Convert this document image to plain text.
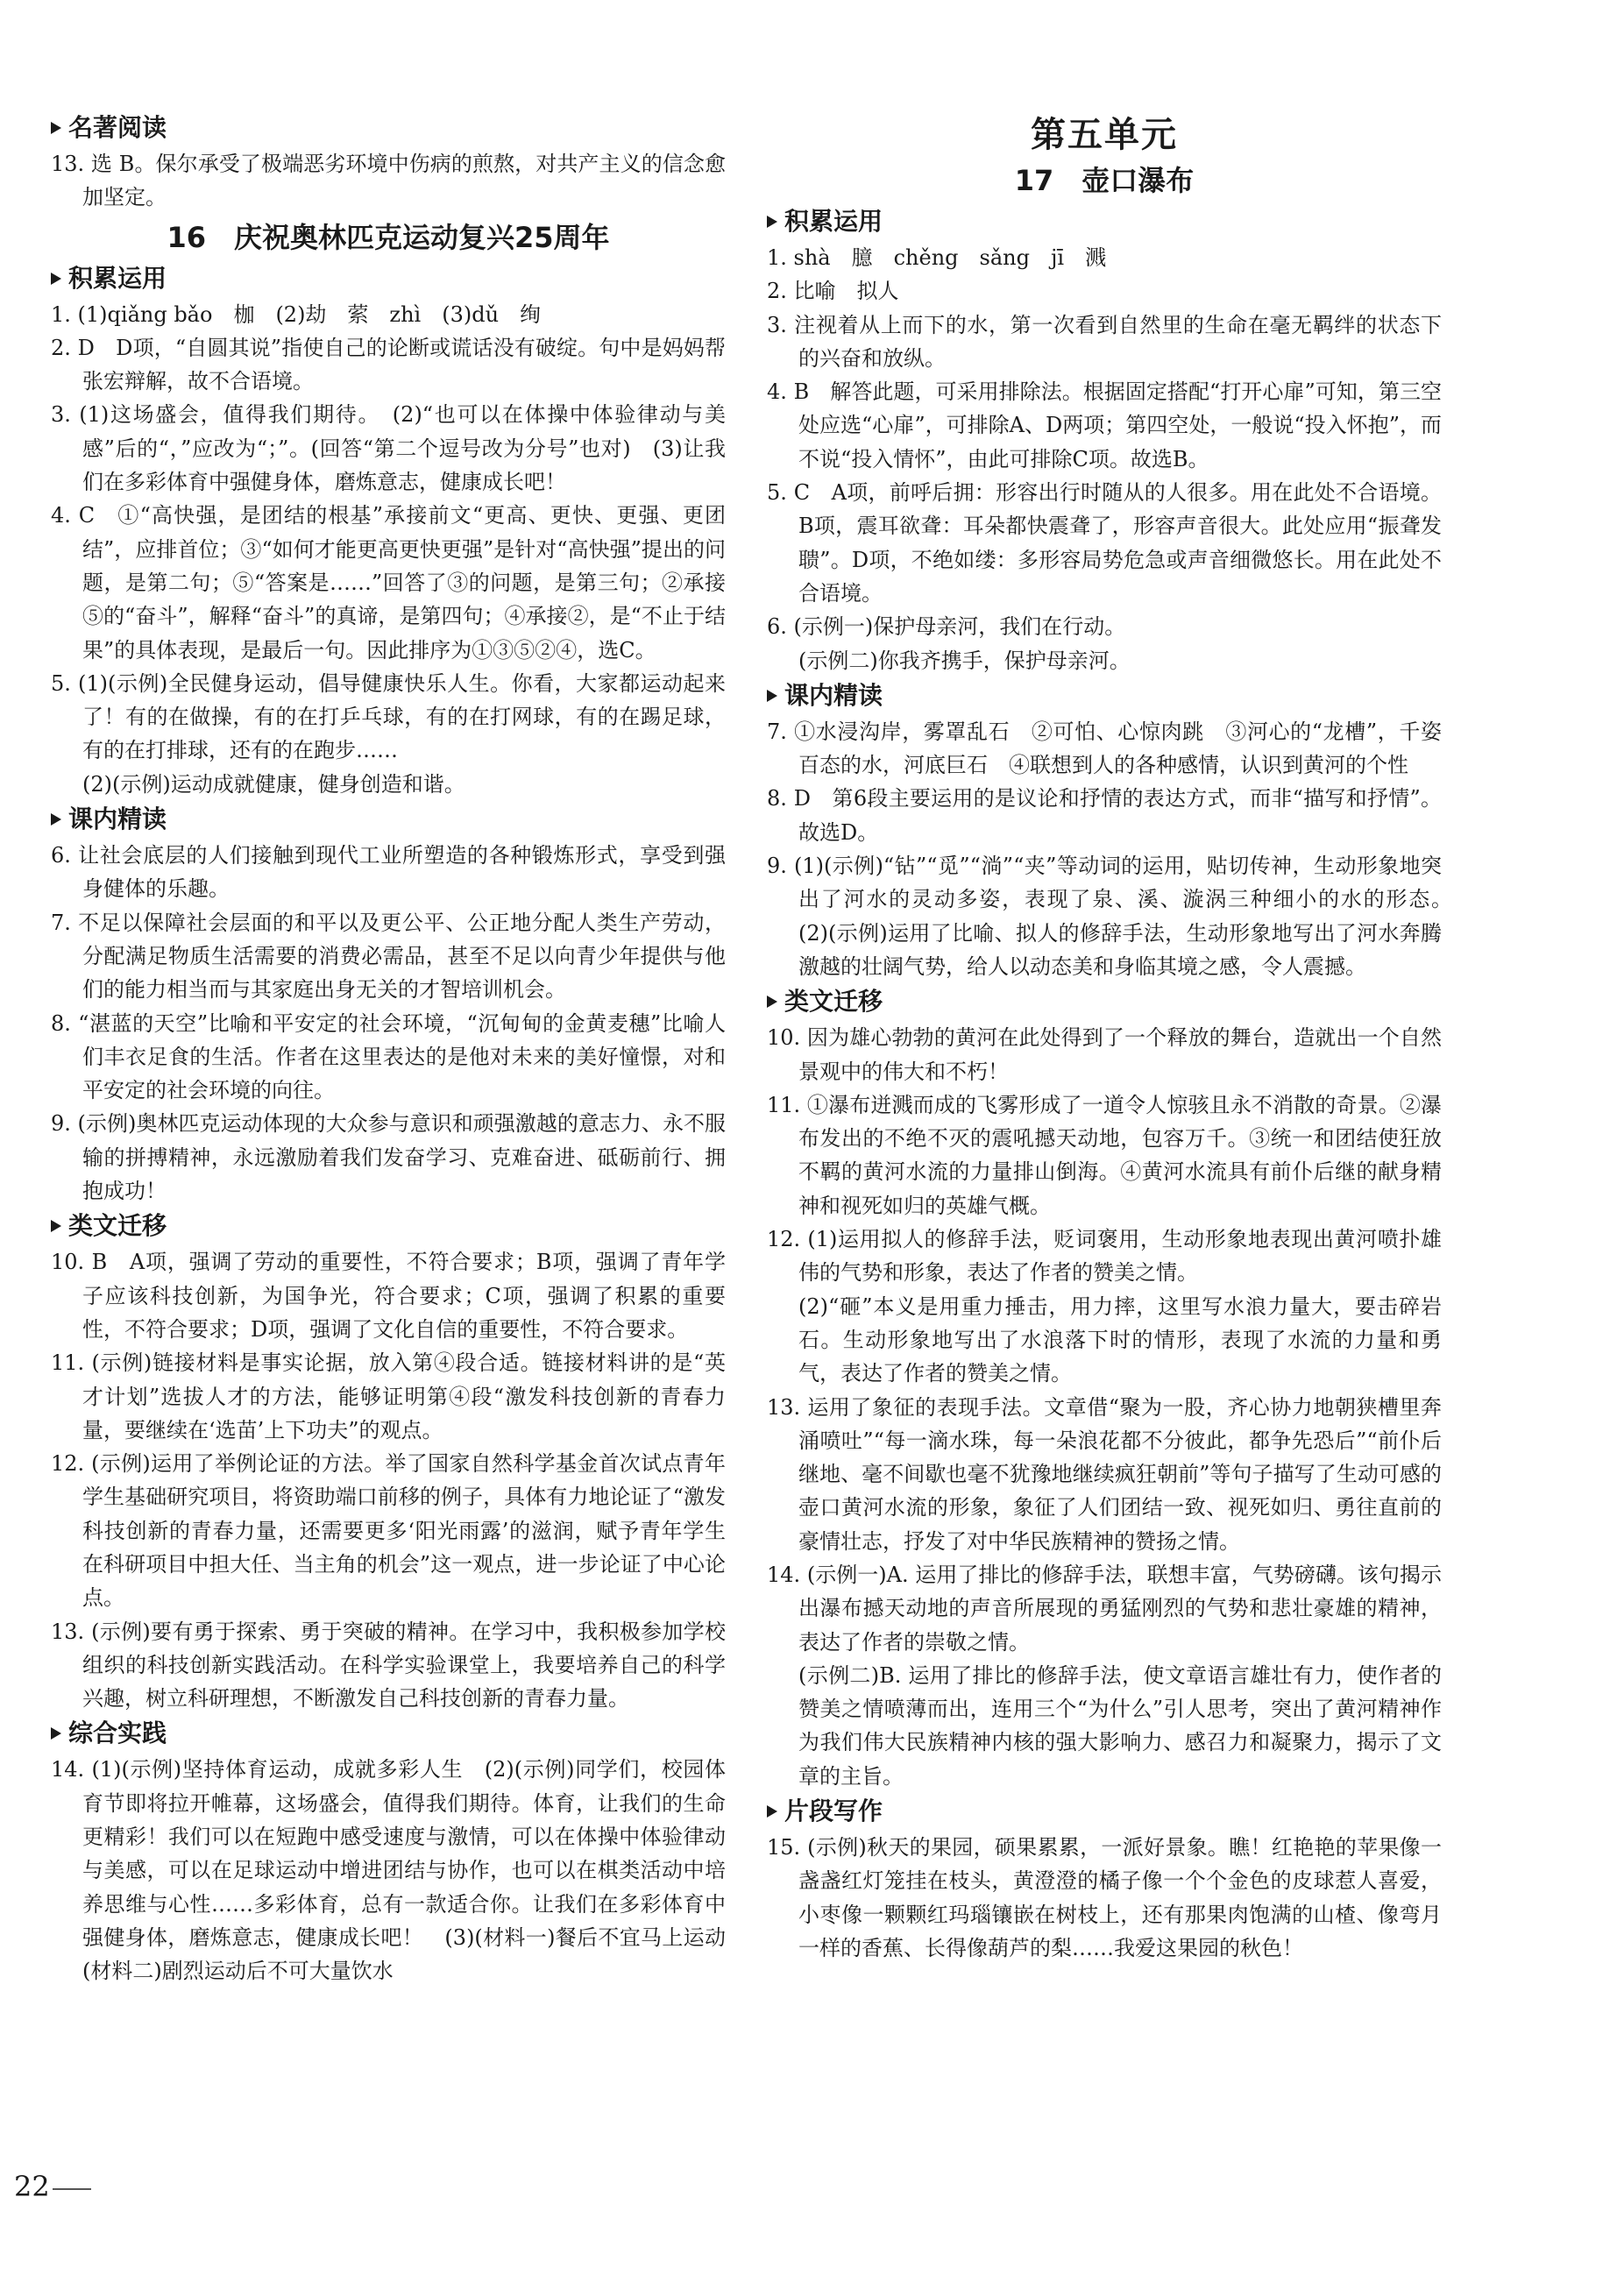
名著阅读

13. 选 B。保尔承受了极端恶劣环境中伤病的煎熬，对共产主义的信念愈加坚定。

16　庆祝奥林匹克运动复兴25周年
积累运用

1. (1)qiǎng bǎo　枷　(2)劫　萦　zhì　(3)dǔ　绚

2. D　D项，“自圆其说”指使自己的论断或谎话没有破绽。句中是妈妈帮张宏辩解，故不合语境。

3. (1)这场盛会，值得我们期待。　(2)“也可以在体操中体验律动与美感”后的“，”应改为“；”。(回答“第二个逗号改为分号”也对)　(3)让我们在多彩体育中强健身体，磨炼意志，健康成长吧！

4. C　①“高快强，是团结的根基”承接前文“更高、更快、更强、更团结”，应排首位；③“如何才能更高更快更强”是针对“高快强”提出的问题，是第二句；⑤“答案是……”回答了③的问题，是第三句；②承接⑤的“奋斗”，解释“奋斗”的真谛，是第四句；④承接②，是“不止于结果”的具体表现，是最后一句。因此排序为①③⑤②④，选C。

5. (1)(示例)全民健身运动，倡导健康快乐人生。你看，大家都运动起来了！有的在做操，有的在打乒乓球，有的在打网球，有的在踢足球，有的在打排球，还有的在跑步……

(2)(示例)运动成就健康，健身创造和谐。

课内精读

6. 让社会底层的人们接触到现代工业所塑造的各种锻炼形式，享受到强身健体的乐趣。

7. 不足以保障社会层面的和平以及更公平、公正地分配人类生产劳动，分配满足物质生活需要的消费必需品，甚至不足以向青少年提供与他们的能力相当而与其家庭出身无关的才智培训机会。

8. “湛蓝的天空”比喻和平安定的社会环境，“沉甸甸的金黄麦穗”比喻人们丰衣足食的生活。作者在这里表达的是他对未来的美好憧憬，对和平安定的社会环境的向往。

9. (示例)奥林匹克运动体现的大众参与意识和顽强激越的意志力、永不服输的拼搏精神，永远激励着我们发奋学习、克难奋进、砥砺前行、拥抱成功！

类文迁移

10. B　A项，强调了劳动的重要性，不符合要求；B项，强调了青年学子应该科技创新，为国争光，符合要求；C项，强调了积累的重要性，不符合要求；D项，强调了文化自信的重要性，不符合要求。

11. (示例)链接材料是事实论据，放入第④段合适。链接材料讲的是“英才计划”选拔人才的方法，能够证明第④段“激发科技创新的青春力量，要继续在‘选苗’上下功夫”的观点。

12. (示例)运用了举例论证的方法。举了国家自然科学基金首次试点青年学生基础研究项目，将资助端口前移的例子，具体有力地论证了“激发科技创新的青春力量，还需要更多‘阳光雨露’的滋润，赋予青年学生在科研项目中担大任、当主角的机会”这一观点，进一步论证了中心论点。

13. (示例)要有勇于探索、勇于突破的精神。在学习中，我积极参加学校组织的科技创新实践活动。在科学实验课堂上，我要培养自己的科学兴趣，树立科研理想，不断激发自己科技创新的青春力量。

综合实践

14. (1)(示例)坚持体育运动，成就多彩人生　(2)(示例)同学们，校园体育节即将拉开帷幕，这场盛会，值得我们期待。体育，让我们的生命更精彩！我们可以在短跑中感受速度与激情，可以在体操中体验律动与美感，可以在足球运动中增进团结与协作，也可以在棋类活动中培养思维与心性……多彩体育，总有一款适合你。让我们在多彩体育中强健身体，磨炼意志，健康成长吧！　(3)(材料一)餐后不宜马上运动　(材料二)剧烈运动后不可大量饮水

第五单元
17　壶口瀑布
积累运用

1. shà　臆　chěng　sǎng　jī　溅

2. 比喻　拟人

3. 注视着从上而下的水，第一次看到自然里的生命在毫无羁绊的状态下的兴奋和放纵。

4. B　解答此题，可采用排除法。根据固定搭配“打开心扉”可知，第三空处应选“心扉”，可排除A、D两项；第四空处，一般说“投入怀抱”，而不说“投入情怀”，由此可排除C项。故选B。

5. C　A项，前呼后拥：形容出行时随从的人很多。用在此处不合语境。B项，震耳欲聋：耳朵都快震聋了，形容声音很大。此处应用“振聋发聩”。D项，不绝如缕：多形容局势危急或声音细微悠长。用在此处不合语境。

6. (示例一)保护母亲河，我们在行动。

(示例二)你我齐携手，保护母亲河。

课内精读

7. ①水浸沟岸，雾罩乱石　②可怕、心惊肉跳　③河心的“龙槽”，千姿百态的水，河底巨石　④联想到人的各种感情，认识到黄河的个性

8. D　第6段主要运用的是议论和抒情的表达方式，而非“描写和抒情”。故选D。

9. (1)(示例)“钻”“觅”“淌”“夹”等动词的运用，贴切传神，生动形象地突出了河水的灵动多姿，表现了泉、溪、漩涡三种细小的水的形态。　(2)(示例)运用了比喻、拟人的修辞手法，生动形象地写出了河水奔腾激越的壮阔气势，给人以动态美和身临其境之感，令人震撼。

类文迁移

10. 因为雄心勃勃的黄河在此处得到了一个释放的舞台，造就出一个自然景观中的伟大和不朽！

11. ①瀑布迸溅而成的飞雾形成了一道令人惊骇且永不消散的奇景。②瀑布发出的不绝不灭的震吼撼天动地，包容万千。③统一和团结使狂放不羁的黄河水流的力量排山倒海。④黄河水流具有前仆后继的献身精神和视死如归的英雄气概。

12. (1)运用拟人的修辞手法，贬词褒用，生动形象地表现出黄河喷扑雄伟的气势和形象，表达了作者的赞美之情。

(2)“砸”本义是用重力捶击，用力摔，这里写水浪力量大，要击碎岩石。生动形象地写出了水浪落下时的情形，表现了水流的力量和勇气，表达了作者的赞美之情。

13. 运用了象征的表现手法。文章借“聚为一股，齐心协力地朝狭槽里奔涌喷吐”“每一滴水珠，每一朵浪花都不分彼此，都争先恐后”“前仆后继地、毫不间歇也毫不犹豫地继续疯狂朝前”等句子描写了生动可感的壶口黄河水流的形象，象征了人们团结一致、视死如归、勇往直前的豪情壮志，抒发了对中华民族精神的赞扬之情。

14. (示例一)A. 运用了排比的修辞手法，联想丰富，气势磅礴。该句揭示出瀑布撼天动地的声音所展现的勇猛刚烈的气势和悲壮豪雄的精神，表达了作者的崇敬之情。

(示例二)B. 运用了排比的修辞手法，使文章语言雄壮有力，使作者的赞美之情喷薄而出，连用三个“为什么”引人思考，突出了黄河精神作为我们伟大民族精神内核的强大影响力、感召力和凝聚力，揭示了文章的主旨。

片段写作

15. (示例)秋天的果园，硕果累累，一派好景象。瞧！红艳艳的苹果像一盏盏红灯笼挂在枝头，黄澄澄的橘子像一个个金色的皮球惹人喜爱，小枣像一颗颗红玛瑙镶嵌在树枝上，还有那果肉饱满的山楂、像弯月一样的香蕉、长得像葫芦的梨……我爱这果园的秋色！

22
